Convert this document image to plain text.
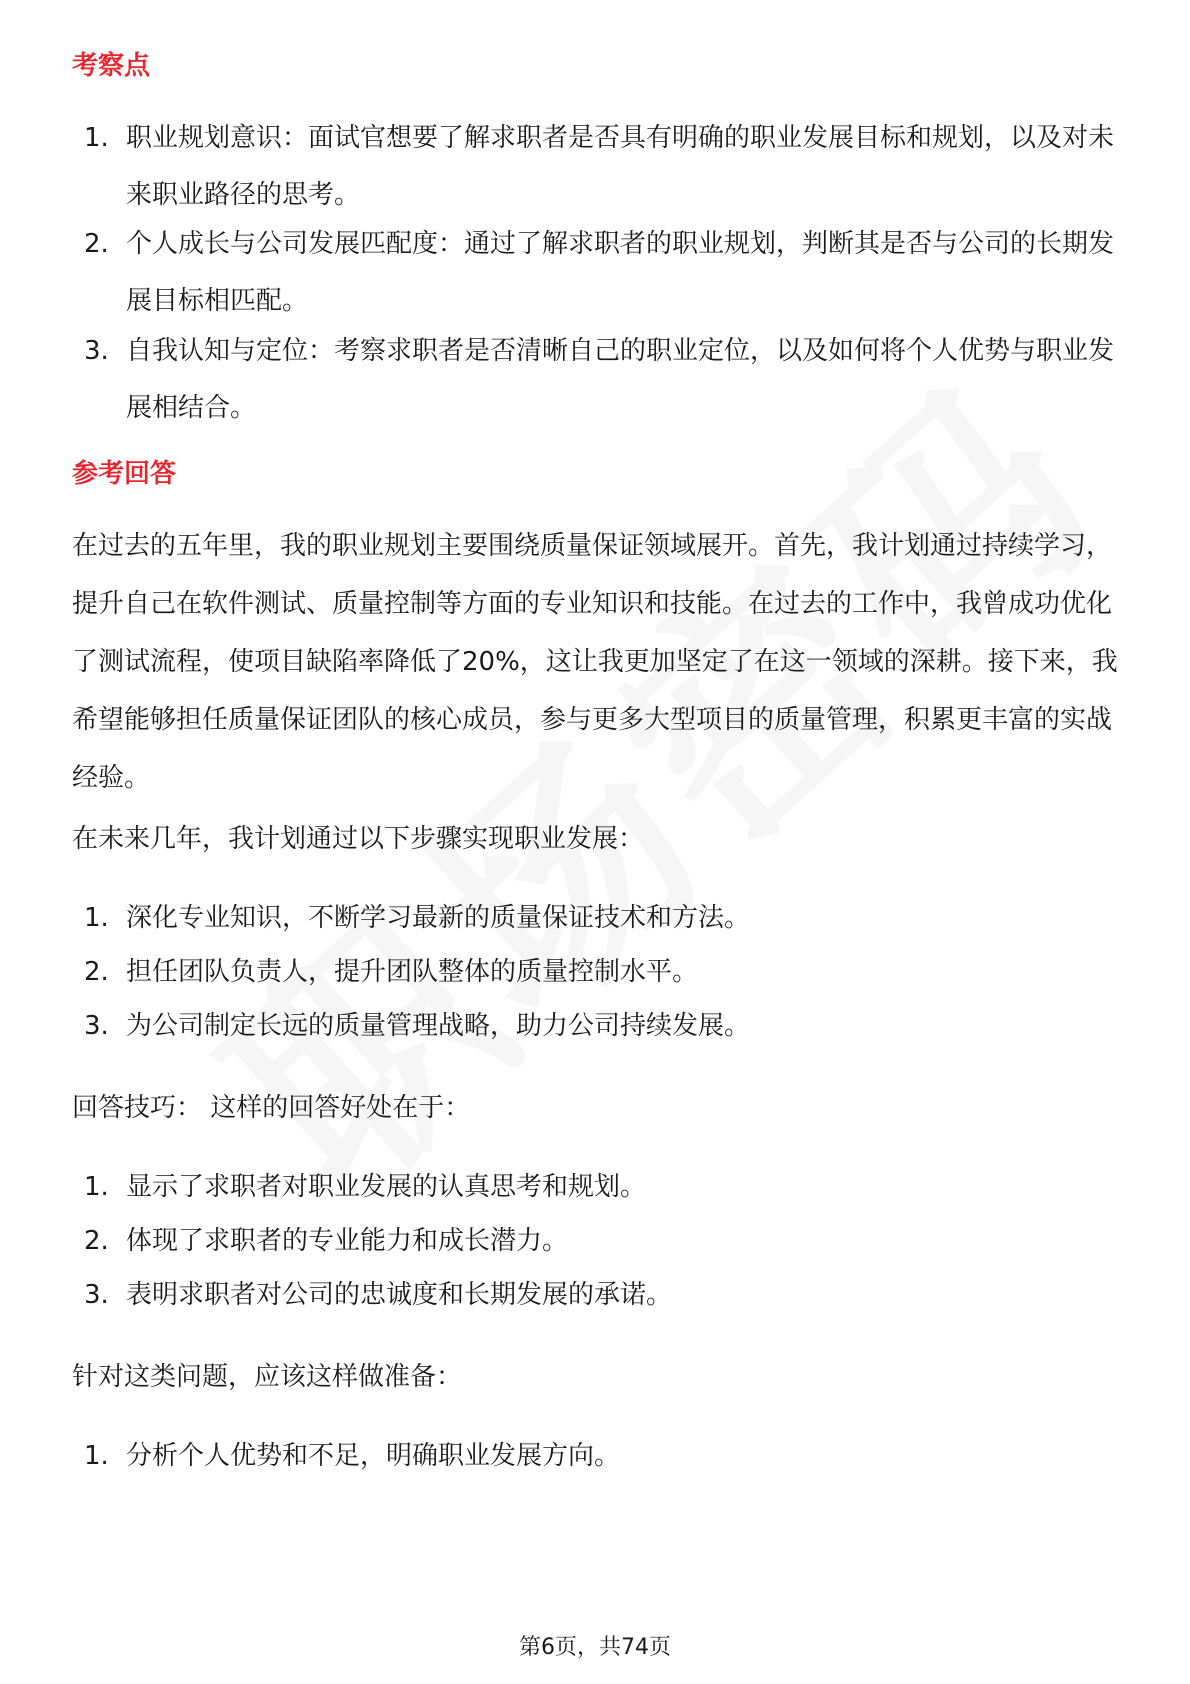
考察点
1. 职业规划意识：面试官想要了解求职者是否具有明确的职业发展目标和规划，以及对未来职业路径的思考。
2. 个人成长与公司发展匹配度：通过了解求职者的职业规划，判断其是否与公司的长期发展目标相匹配。
3. 自我认知与定位：考察求职者是否清晰自己的职业定位，以及如何将个人优势与职业发展相结合。
参考回答

在过去的五年里，我的职业规划主要围绕质量保证领域展开。首先，我计划通过持续学习，提升自己在软件测试、质量控制等方面的专业知识和技能。在过去的工作中，我曾成功优化了测试流程，使项目缺陷率降低了20%，这让我更加坚定了在这一领域的深耕。接下来，我希望能够担任质量保证团队的核心成员，参与更多大型项目的质量管理，积累更丰富的实战经验。

在未来几年，我计划通过以下步骤实现职业发展：

1. 深化专业知识，不断学习最新的质量保证技术和方法。
2. 担任团队负责人，提升团队整体的质量控制水平。
3. 为公司制定长远的质量管理战略，助力公司持续发展。

回答技巧： 这样的回答好处在于：

1. 显示了求职者对职业发展的认真思考和规划。
2. 体现了求职者的专业能力和成长潜力。
3. 表明求职者对公司的忠诚度和长期发展的承诺。

针对这类问题，应该这样做准备：

1. 分析个人优势和不足，明确职业发展方向。
第6页，共74页
